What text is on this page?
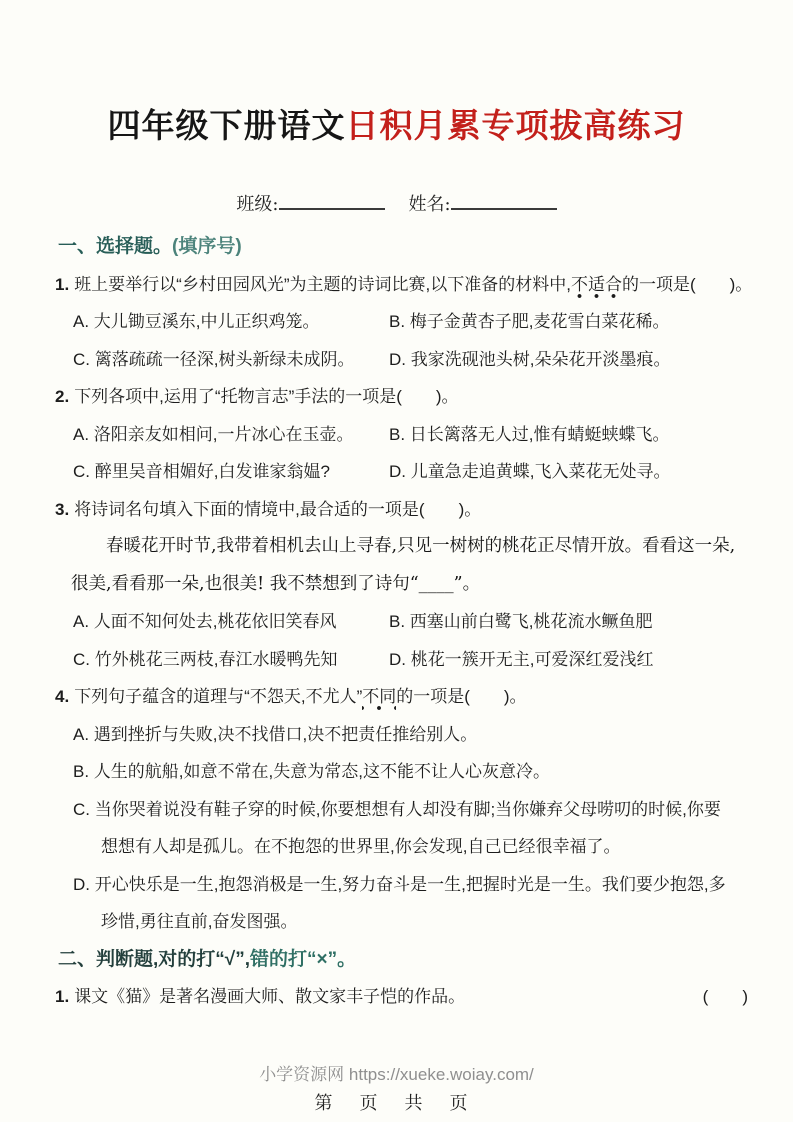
四年级下册语文日积月累专项拔高练习
班级:	姓名:
一、选择题。(填序号)
1. 班上要举行以“乡村田园风光”为主题的诗词比赛,以下准备的材料中,不适合的一项是(　　)。
A. 大儿锄豆溪东,中儿正织鸡笼。	B. 梅子金黄杏子肥,麦花雪白菜花稀。
C. 篱落疏疏一径深,树头新绿未成阴。	D. 我家洗砚池头树,朵朵花开淡墨痕。
2. 下列各项中,运用了“托物言志”手法的一项是(　　)。
A. 洛阳亲友如相问,一片冰心在玉壶。	B. 日长篱落无人过,惟有蜻蜓蛱蝶飞。
C. 醉里吴音相媚好,白发谁家翁媪?	D. 儿童急走追黄蝶,飞入菜花无处寻。
3. 将诗词名句填入下面的情境中,最合适的一项是(　　)。
春暖花开时节,我带着相机去山上寻春,只见一树树的桃花正尽情开放。看看这一朵,很美,看看那一朵,也很美! 我不禁想到了诗句“____”。
A. 人面不知何处去,桃花依旧笑春风	B. 西塞山前白鹭飞,桃花流水鳜鱼肥
C. 竹外桃花三两枝,春江水暖鸭先知	D. 桃花一簇开无主,可爱深红爱浅红
4. 下列句子蕴含的道理与“不怨天,不尤人”不同的一项是(　　)。
A. 遇到挫折与失败,决不找借口,决不把责任推给别人。
B. 人生的航船,如意不常在,失意为常态,这不能不让人心灰意冷。
C. 当你哭着说没有鞋子穿的时候,你要想想有人却没有脚;当你嫌弃父母唠叨的时候,你要想想有人却是孤儿。在不抱怨的世界里,你会发现,自己已经很幸福了。
D. 开心快乐是一生,抱怨消极是一生,努力奋斗是一生,把握时光是一生。我们要少抱怨,多珍惜,勇往直前,奋发图强。
二、判断题,对的打“√”,错的打“×”。
1. 课文《猫》是著名漫画大师、散文家丰子恺的作品。	(　　)
小学资源网 https://xueke.woiay.com/
第 页 共 页
